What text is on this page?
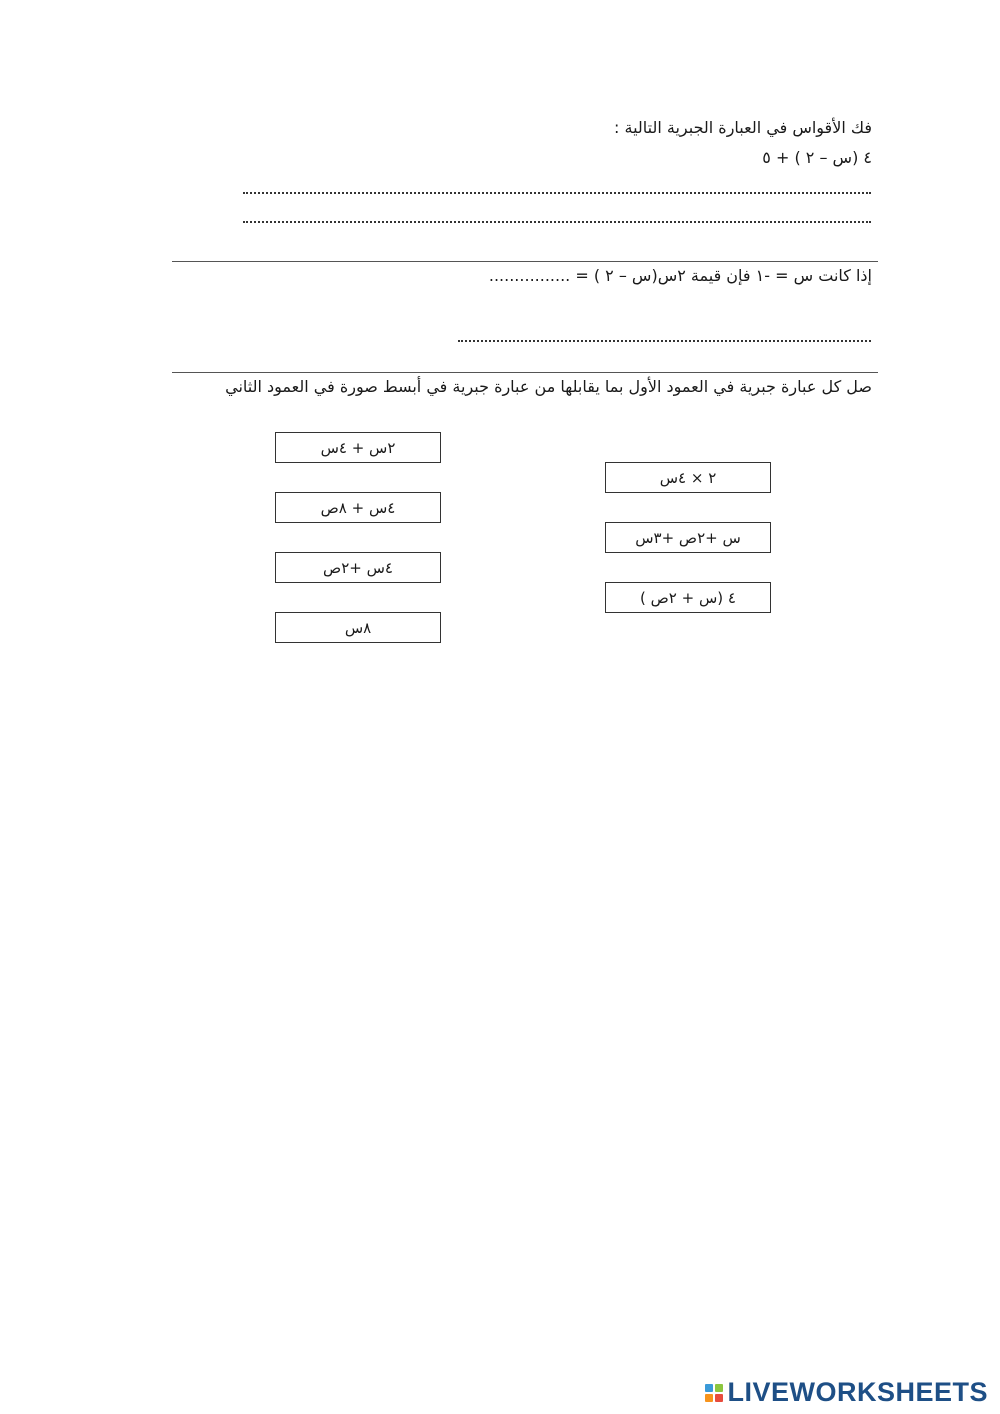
فك الأقواس في العبارة الجبرية التالية :
٤ (س – ٢ ) + ٥
إذا كانت س = -١ فإن قيمة ٢س(س – ٢ ) = ................
صل كل عبارة جبرية في العمود الأول بما يقابلها من عبارة جبرية في أبسط صورة في العمود الثاني
٢س + ٤س
٤س + ٨ص
٤س +٢ص
٨س
٢ × ٤س
س +٢ص +٣س
٤ (س + ٢ص )
LIVEWORKSHEETS
